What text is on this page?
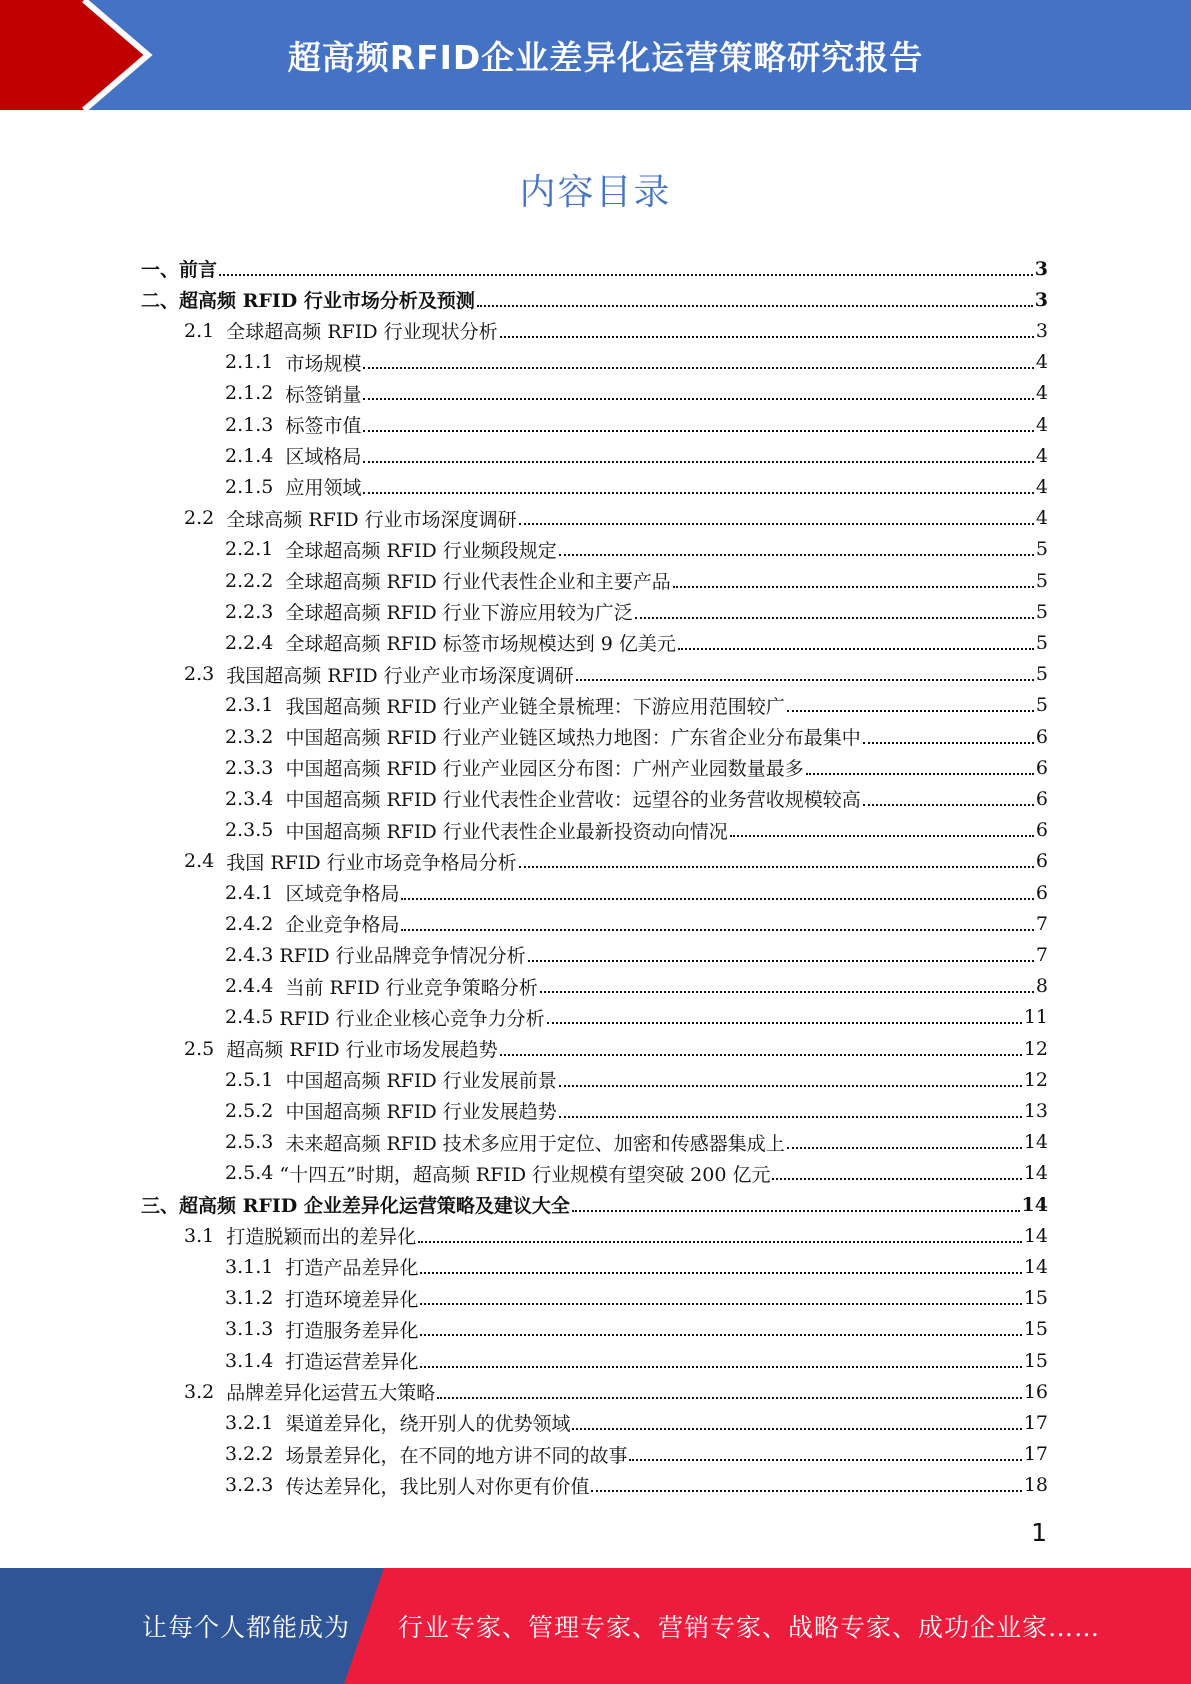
超高频RFID企业差异化运营策略研究报告
内容目录
一、 前言	3
二、 超高频 RFID 行业市场分析及预测	3
2.1 全球超高频 RFID 行业现状分析	3
2.1.1 市场规模	4
2.1.2 标签销量	4
2.1.3 标签市值	4
2.1.4 区域格局	4
2.1.5 应用领域	4
2.2 全球高频 RFID 行业市场深度调研	4
2.2.1 全球超高频 RFID 行业频段规定	5
2.2.2 全球超高频 RFID 行业代表性企业和主要产品	5
2.2.3 全球超高频 RFID 行业下游应用较为广泛	5
2.2.4 全球超高频 RFID 标签市场规模达到 9 亿美元	5
2.3 我国超高频 RFID 行业产业市场深度调研	5
2.3.1 我国超高频 RFID 行业产业链全景梳理：下游应用范围较广	5
2.3.2 中国超高频 RFID 行业产业链区域热力地图：广东省企业分布最集中	6
2.3.3 中国超高频 RFID 行业产业园区分布图：广州产业园数量最多	6
2.3.4 中国超高频 RFID 行业代表性企业营收：远望谷的业务营收规模较高	6
2.3.5 中国超高频 RFID 行业代表性企业最新投资动向情况	6
2.4 我国 RFID 行业市场竞争格局分析	6
2.4.1 区域竞争格局	6
2.4.2 企业竞争格局	7
2.4.3 RFID 行业品牌竞争情况分析	7
2.4.4 当前 RFID 行业竞争策略分析	8
2.4.5 RFID 行业企业核心竞争力分析	11
2.5 超高频 RFID 行业市场发展趋势	12
2.5.1 中国超高频 RFID 行业发展前景	12
2.5.2 中国超高频 RFID 行业发展趋势	13
2.5.3 未来超高频 RFID 技术多应用于定位、加密和传感器集成上	14
2.5.4 “十四五”时期，超高频 RFID 行业规模有望突破 200 亿元	14
三、 超高频 RFID 企业差异化运营策略及建议大全	14
3.1 打造脱颖而出的差异化	14
3.1.1 打造产品差异化	14
3.1.2 打造环境差异化	15
3.1.3 打造服务差异化	15
3.1.4 打造运营差异化	15
3.2 品牌差异化运营五大策略	16
3.2.1 渠道差异化，绕开别人的优势领域	17
3.2.2 场景差异化，在不同的地方讲不同的故事	17
3.2.3 传达差异化，我比别人对你更有价值	18
1
让每个人都能成为 行业专家、管理专家、营销专家、战略专家、成功企业家……
